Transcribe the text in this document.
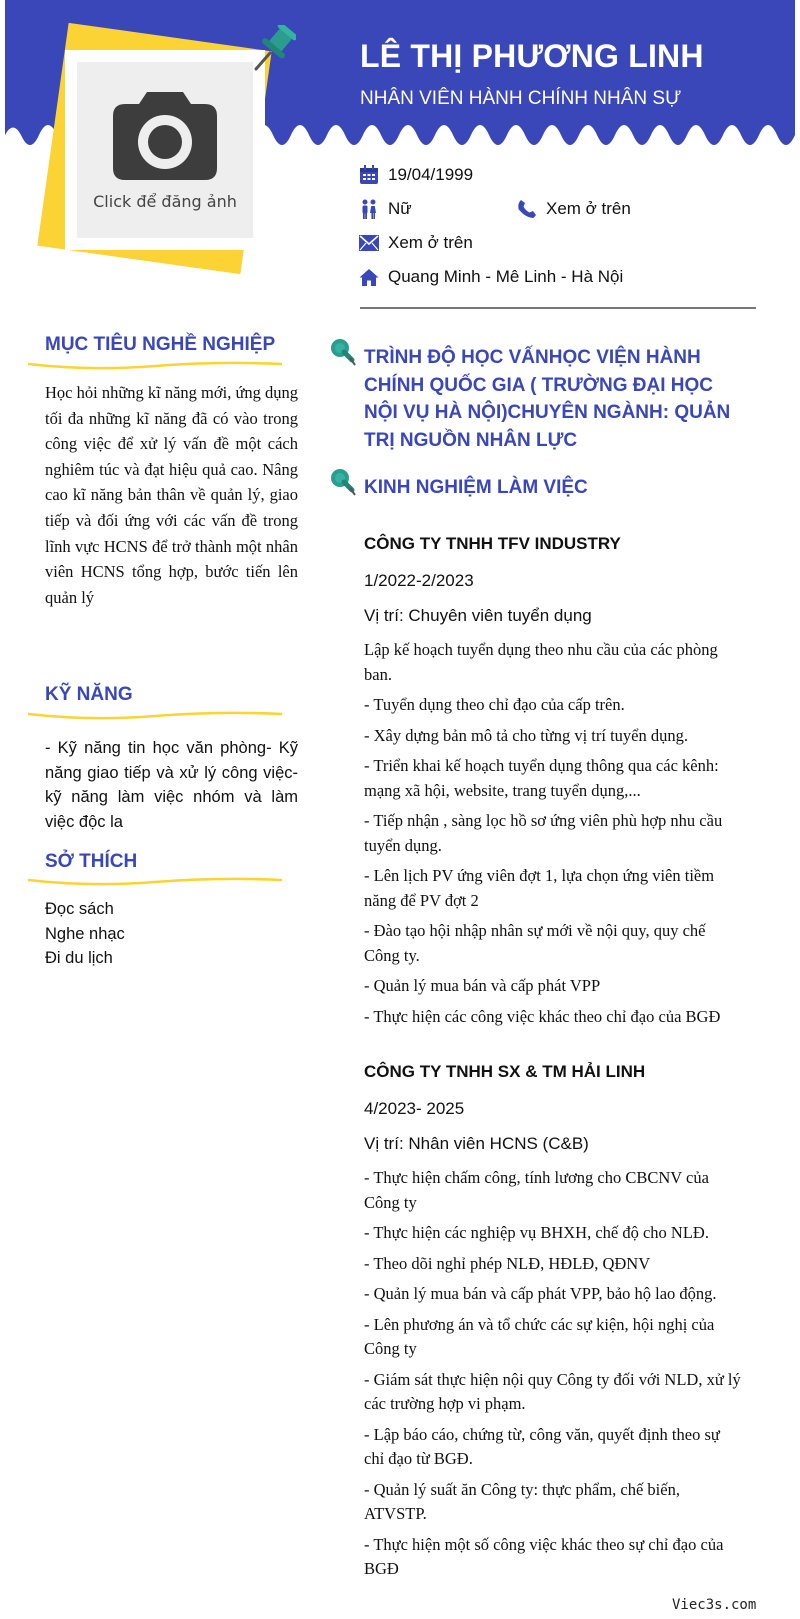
Click để đăng ảnh
LÊ THỊ PHƯƠNG LINH
NHÂN VIÊN HÀNH CHÍNH NHÂN SỰ
19/04/1999
Nữ	Xem ở trên
Xem ở trên
Quang Minh - Mê Linh - Hà Nội
MỤC TIÊU NGHỀ NGHIỆP
Học hỏi những kĩ năng mới, ứng dụng tối đa những kĩ năng đã có vào trong công việc để xử lý vấn đề một cách nghiêm túc và đạt hiệu quả cao. Nâng cao kĩ năng bản thân về quản lý, giao tiếp và đối ứng với các vấn đề trong lĩnh vực HCNS để trở thành một nhân viên HCNS tổng hợp, bước tiến lên quản lý
KỸ NĂNG
- Kỹ năng tin học văn phòng- Kỹ năng giao tiếp và xử lý công việc- kỹ năng làm việc nhóm và làm việc độc la
SỞ THÍCH
Đọc sách
Nghe nhạc
Đi du lịch
TRÌNH ĐỘ HỌC VẤNHỌC VIỆN HÀNH CHÍNH QUỐC GIA ( TRƯỜNG ĐẠI HỌC NỘI VỤ HÀ NỘI)CHUYÊN NGÀNH: QUẢN TRỊ NGUỒN NHÂN LỰC
KINH NGHIỆM LÀM VIỆC
CÔNG TY TNHH TFV INDUSTRY
1/2022-2/2023
Vị trí: Chuyên viên tuyển dụng
Lập kế hoạch tuyển dụng theo nhu cầu của các phòng ban.
- Tuyển dụng theo chỉ đạo của cấp trên.
- Xây dựng bản mô tả cho từng vị trí tuyển dụng.
- Triển khai kế hoạch tuyển dụng thông qua các kênh: mạng xã hội, website, trang tuyển dụng,...
- Tiếp nhận , sàng lọc hồ sơ ứng viên phù hợp nhu cầu tuyển dụng.
- Lên lịch PV ứng viên đợt 1, lựa chọn ứng viên tiềm năng để PV đợt 2
- Đào tạo hội nhập nhân sự mới về nội quy, quy chế Công ty.
- Quản lý mua bán và cấp phát VPP
- Thực hiện các công việc khác theo chỉ đạo của BGĐ
CÔNG TY TNHH SX & TM HẢI LINH
4/2023- 2025
Vị trí: Nhân viên HCNS (C&B)
- Thực hiện chấm công, tính lương cho CBCNV của Công ty
- Thực hiện các nghiệp vụ BHXH, chế độ cho NLĐ.
- Theo dõi nghỉ phép NLĐ, HĐLĐ, QĐNV
- Quản lý mua bán và cấp phát VPP, bảo hộ lao động.
- Lên phương án và tổ chức các sự kiện, hội nghị của Công ty
- Giám sát thực hiện nội quy Công ty đối với NLD, xử lý các trường hợp vi phạm.
- Lập báo cáo, chứng từ, công văn, quyết định theo sự chỉ đạo từ BGĐ.
- Quản lý suất ăn Công ty: thực phẩm, chế biến, ATVSTP.
- Thực hiện một số công việc khác theo sự chỉ đạo của BGĐ
Viec3s.com
